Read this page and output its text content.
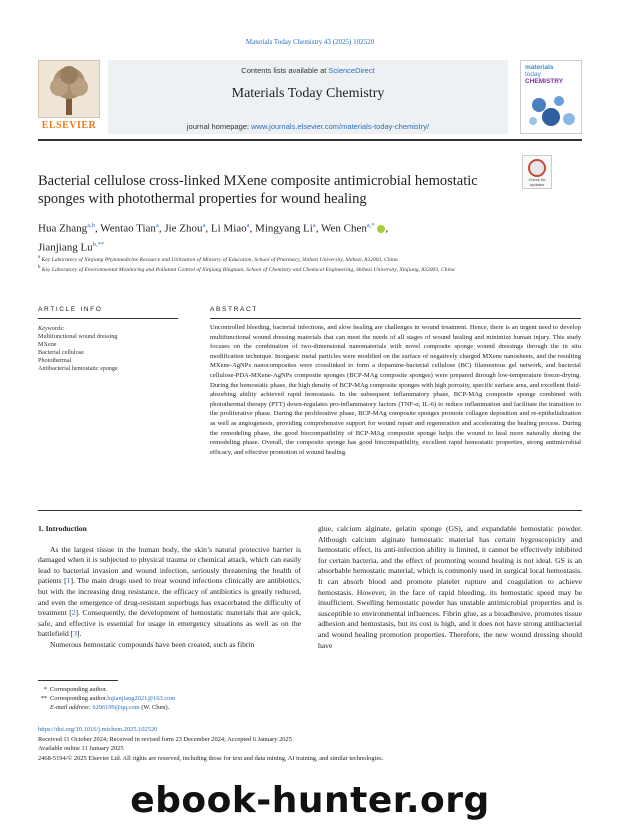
Materials Today Chemistry 43 (2025) 102520
ELSEVIER
Contents lists available at ScienceDirect
Materials Today Chemistry
journal homepage: www.journals.elsevier.com/materials-today-chemistry/
materials
today
CHEMISTRY
Bacterial cellulose cross-linked MXene composite antimicrobial hemostatic sponges with photothermal properties for wound healing
Check for
updates
Hua Zhang$^{a,b}$, Wentao Tian$^a$, Jie Zhou$^a$, Li Miao$^a$, Mingyang Li$^a$, Wen Chen$^{a,*}$ ,
Jianjiang $Lu^{b,**}$
$^a$ Key Laboratory of Xinjiang Phytomedicine Resource and Utilization of Ministry of Education, School of Pharmacy, Shihezi University, Shihezi, 832003, China
$^b$ Key Laboratory of Environmental Monitoring and Pollutant Control of Xinjiang Bingtuan, School of Chemistry and Chemical Engineering, Shihezi University, Xinjiang, 832003, China
ARTICLE INFO
Keywords:
Multifunctional wound dressing
MXene
Bacterial cellulose
Photothermal
Antibacterial hemostatic sponge
ABSTRACT
Uncontrolled bleeding, bacterial infections, and slow healing are challenges in wound treatment. Hence, there is an urgent need to develop multifunctional wound dressing materials that can meet the needs of all stages of wound healing and minimize human injury. This study focuses on the combination of two-dimensional nanomaterials with novel composite sponge wound dressings through the in situ modification technique. Inorganic metal particles were modified on the surface of negatively charged MXene nanosheets, and the resulting MXene-AgNPs nanocomposites were crosslinked to form a dopamine-bacterial cellulose (BC) filamentous gel network, and bacterial cellulose-PDA-MXene-AgNPs composite sponges (BCP-MAg composite sponges) were prepared through low-temperature freeze-drying. During the hemostatic phase, the high density of BCP-MAg composite sponges with high porosity, specific surface area, and excellent fluid-absorbing ability achieved rapid hemostasis. In the subsequent inflammatory phase, BCP-MAg composite sponge combined with photothermal therapy (PTT) down-regulates pro-inflammatory factors (TNF-α, IL-6) to reduce inflammation and facilitate the transition to the proliferative phase. During the proliferative phase, BCP-MAg composite sponges promote collagen deposition and re-epithelialization as well as angiogenesis, providing comprehensive support for wound repair and regeneration and accelerating the healing process. During the remodeling phase, the good biocompatibility of BCP-MAg composite sponge helps the wound to heal more naturally during the remodeling phase. Overall, the composite sponge has good biocompatibility, excellent rapid hemostatic properties, strong antimicrobial efficacy, and effective promotion of wound healing.
1. Introduction

As the largest tissue in the human body, the skin’s natural protective barrier is damaged when it is subjected to physical trauma or chemical attack, which can easily lead to bacterial invasion and wound infection, seriously threatening the health of patients [1]. The main drugs used to treat wound infections clinically are antibiotics, but with the increasing drug resistance, the efficacy of antibiotics is greatly reduced, and even the emergence of drug-resistant superbugs has exacerbated the difficulty of treatment [2]. Consequently, the development of hemostatic materials that are quick, safe, and effective is essential for usage in emergency situations as well as on the battlefield [3].

Numerous hemostatic compounds have been created, such as fibrin

glue, calcium alginate, gelatin sponge (GS), and expandable hemostatic powder. Although calcium alginate hemostatic material has certain hygroscopicity and hemostatic effect, its anti-infection ability is limited, it cannot be effectively inhibited for certain bacteria, and the effect of promoting wound healing is not ideal. GS is an absorbable hemostatic material, which is commonly used in surgical local hemostasis. It can absorb blood and promote platelet rupture and coagulation to achieve hemostasis. However, in the face of rapid bleeding, its hemostatic speed may be insufficient. Swelling hemostatic powder has unstable antimicrobial properties and is susceptible to environmental influences. Fibrin glue, as a bioadhesive, promotes tissue adhesion and hemostasis, but its cost is high, and it does not have strong antibacterial and wound healing promotion properties. Therefore, the new wound dressing should have

* Corresponding author.
** Corresponding author.lujianjiang2021@163.com
E-mail address: 6296199@qq.com (W. Chen).
https://doi.org/10.1016/j.mtchem.2025.102520
Received 11 October 2024; Received in revised form 23 December 2024; Accepted 6 January 2025
Available online 11 January 2025
2468-5194/© 2025 Elsevier Ltd. All rights are reserved, including those for text and data mining, AI training, and similar technologies.
ebook-hunter.org
